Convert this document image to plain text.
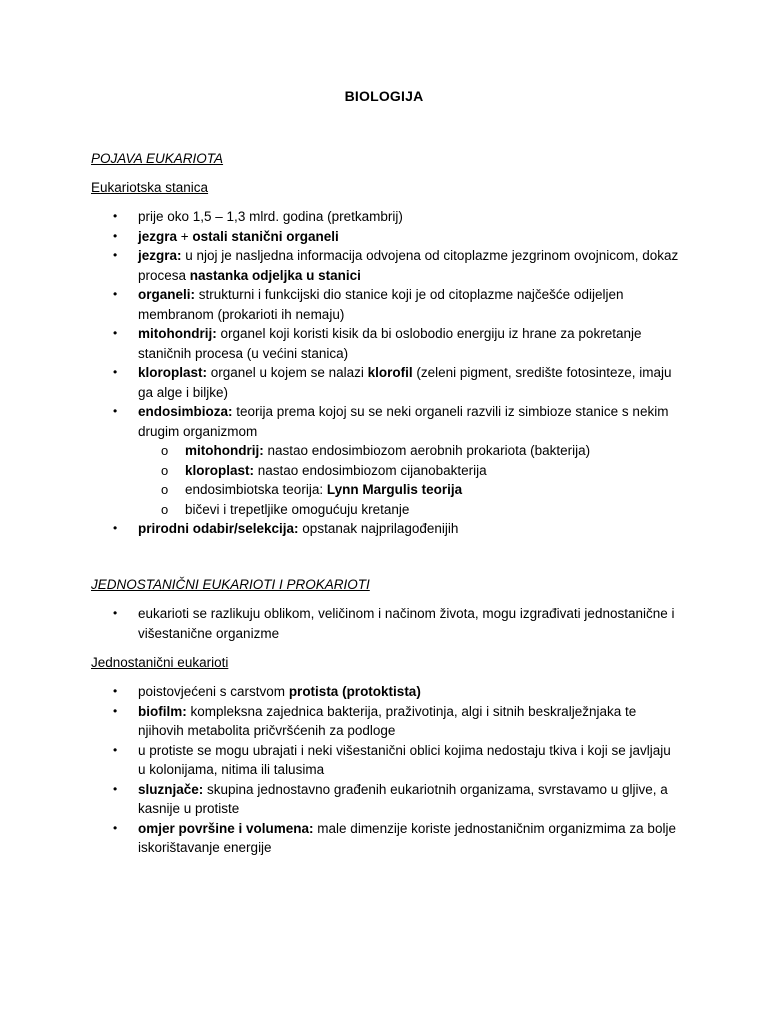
BIOLOGIJA
POJAVA EUKARIOTA
Eukariotska stanica
• prije oko 1,5 – 1,3 mlrd. godina (pretkambrij)
• jezgra + ostali stanični organeli
• jezgra: u njoj je nasljedna informacija odvojena od citoplazme jezgrinom ovojnicom, dokaz procesa nastanka odjeljka u stanici
• organeli: strukturni i funkcijski dio stanice koji je od citoplazme najčešće odijeljen membranom (prokarioti ih nemaju)
• mitohondrij: organel koji koristi kisik da bi oslobodio energiju iz hrane za pokretanje staničnih procesa (u većini stanica)
• kloroplast: organel u kojem se nalazi klorofil (zeleni pigment, središte fotosinteze, imaju ga alge i biljke)
• endosimbioza: teorija prema kojoj su se neki organeli razvili iz simbioze stanice s nekim drugim organizmom
o mitohondrij: nastao endosimbiozom aerobnih prokariota (bakterija)
o kloroplast: nastao endosimbiozom cijanobakterija
o endosimbiotska teorija: Lynn Margulis teorija
o bičevi i trepetljike omogućuju kretanje
• prirodni odabir/selekcija: opstanak najprilagođenijih
JEDNOSTANIČNI EUKARIOTI I PROKARIOTI
• eukarioti se razlikuju oblikom, veličinom i načinom života, mogu izgrađivati jednostanične i višestanične organizme
Jednostanični eukarioti
• poistovjećeni s carstvom protista (protoktista)
• biofilm: kompleksna zajednica bakterija, praživotinja, algi i sitnih beskralježnjaka te njihovih metabolita pričvršćenih za podloge
• u protiste se mogu ubrajati i neki višestanični oblici kojima nedostaju tkiva i koji se javljaju u kolonijama, nitima ili talusima
• sluznjače: skupina jednostavno građenih eukariotnih organizama, svrstavamo u gljive, a kasnije u protiste
• omjer površine i volumena: male dimenzije koriste jednostaničnim organizmima za bolje iskorištavanje energije
